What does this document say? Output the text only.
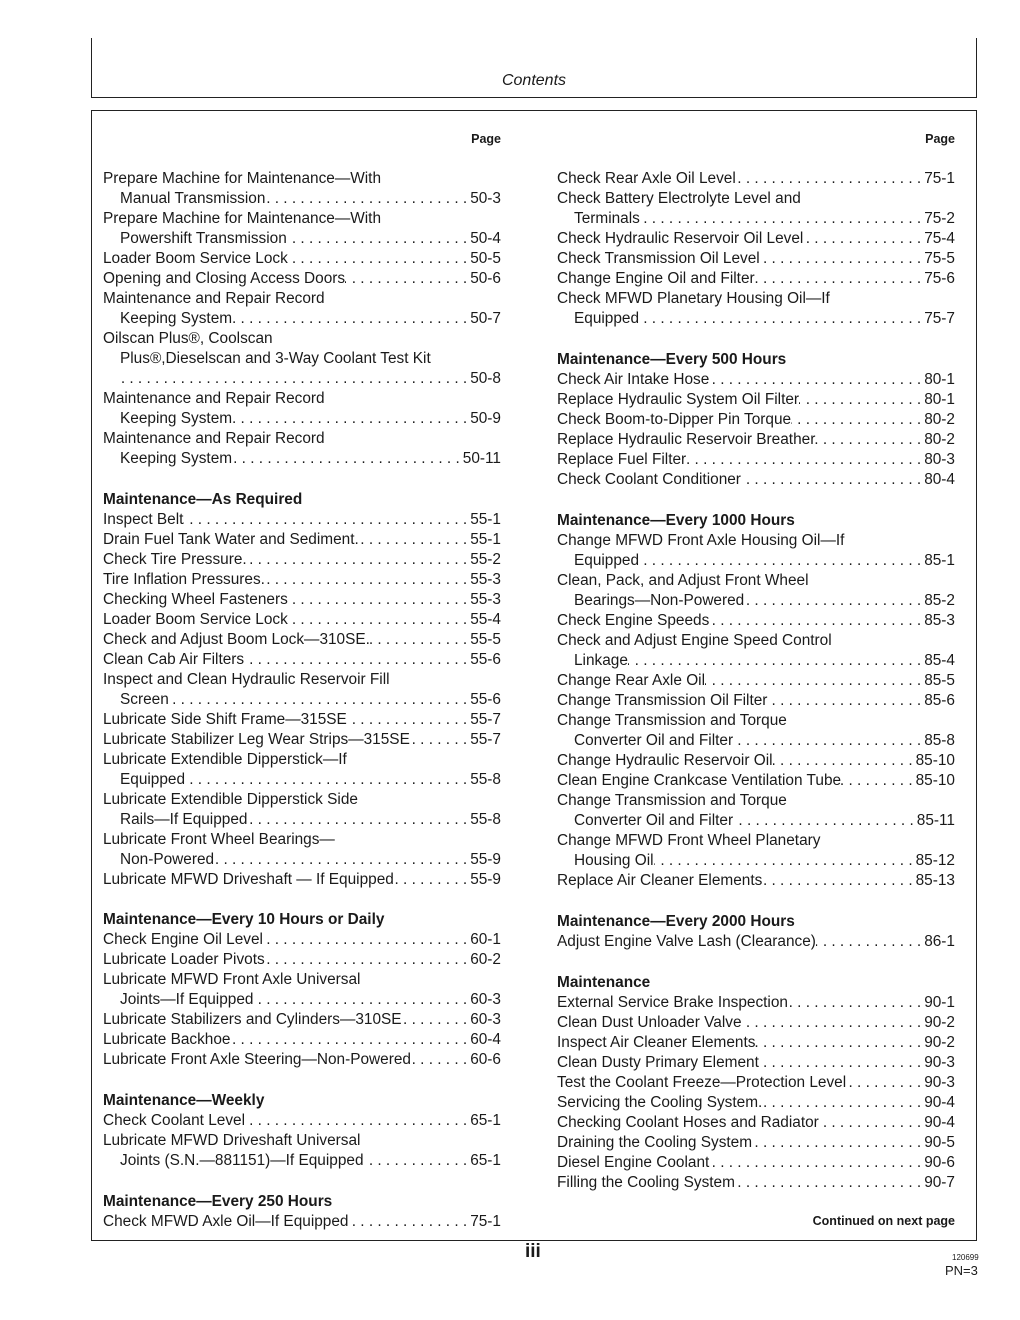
Contents
Page
Prepare Machine for Maintenance—With
Manual Transmission . . .	50-3
Prepare Machine for Maintenance—With
Powershift Transmission . . .	50-4
Loader Boom Service Lock . . .	50-5
Opening and Closing Access Doors . . .	50-6
Maintenance and Repair Record
Keeping System . . .	50-7
Oilscan Plus®, Coolscan
Plus®,Dieselscan and 3-Way Coolant Test Kit
. . .
50-8
Maintenance and Repair Record
Keeping System . . .	50-9
Maintenance and Repair Record
Keeping System . . .	50-11
Maintenance—As Required
Inspect Belt . . .	55-1
Drain Fuel Tank Water and Sediment. . . .	55-1
Check Tire Pressure. . . .	55-2
Tire Inflation Pressures. . . .	55-3
Checking Wheel Fasteners . . .	55-3
Loader Boom Service Lock . . .	55-4
Check and Adjust Boom Lock—310SE. . . .	55-5
Clean Cab Air Filters . . .	55-6
Inspect and Clean Hydraulic Reservoir Fill
Screen . . .	55-6
Lubricate Side Shift Frame—315SE . . .	55-7
Lubricate Stabilizer Leg Wear Strips—315SE . . .	55-7
Lubricate Extendible Dipperstick—If
Equipped . . .	55-8
Lubricate Extendible Dipperstick Side
Rails—If Equipped . . .	55-8
Lubricate Front Wheel Bearings—
Non-Powered . . .	55-9
Lubricate MFWD Driveshaft — If Equipped . . .	55-9
Maintenance—Every 10 Hours or Daily
Check Engine Oil Level . . .	60-1
Lubricate Loader Pivots . . .	60-2
Lubricate MFWD Front Axle Universal
Joints—If Equipped . . .	60-3
Lubricate Stabilizers and Cylinders—310SE . . .	60-3
Lubricate Backhoe . . .	60-4
Lubricate Front Axle Steering—Non-Powered . . .	60-6
Maintenance—Weekly
Check Coolant Level . . .	65-1
Lubricate MFWD Driveshaft Universal
Joints (S.N.—881151)—If Equipped . . .	65-1
Maintenance—Every 250 Hours
Check MFWD Axle Oil—If Equipped . . .	75-1
Page
Continued on next page
Check Rear Axle Oil Level . . .	75-1
Check Battery Electrolyte Level and
Terminals . . .	75-2
Check Hydraulic Reservoir Oil Level . . .	75-4
Check Transmission Oil Level . . .	75-5
Change Engine Oil and Filter . . .	75-6
Check MFWD Planetary Housing Oil—If
Equipped . . .	75-7
Maintenance—Every 500 Hours
Check Air Intake Hose . . .	80-1
Replace Hydraulic System Oil Filter . . .	80-1
Check Boom-to-Dipper Pin Torque . . .	80-2
Replace Hydraulic Reservoir Breather . . .	80-2
Replace Fuel Filter . . .	80-3
Check Coolant Conditioner . . .	80-4
Maintenance—Every 1000 Hours
Change MFWD Front Axle Housing Oil—If
Equipped . . .	85-1
Clean, Pack, and Adjust Front Wheel
Bearings—Non-Powered . . .	85-2
Check Engine Speeds . . .	85-3
Check and Adjust Engine Speed Control
Linkage . . .	85-4
Change Rear Axle Oil . . .	85-5
Change Transmission Oil Filter . . .	85-6
Change Transmission and Torque
Converter Oil and Filter . . .	85-8
Change Hydraulic Reservoir Oil . . .	85-10
Clean Engine Crankcase Ventilation Tube . . .	85-10
Change Transmission and Torque
Converter Oil and Filter . . .	85-11
Change MFWD Front Wheel Planetary
Housing Oil . . .	85-12
Replace Air Cleaner Elements . . .	85-13
Maintenance—Every 2000 Hours
Adjust Engine Valve Lash (Clearance) . . .	86-1
Maintenance
External Service Brake Inspection . . .	90-1
Clean Dust Unloader Valve . . .	90-2
Inspect Air Cleaner Elements . . .	90-2
Clean Dusty Primary Element . . .	90-3
Test the Coolant Freeze—Protection Level . . .	90-3
Servicing the Cooling System. . . .	90-4
Checking Coolant Hoses and Radiator . . .	90-4
Draining the Cooling System . . .	90-5
Diesel Engine Coolant . . .	90-6
Filling the Cooling System . . .	90-7
iii	120699
PN=3
